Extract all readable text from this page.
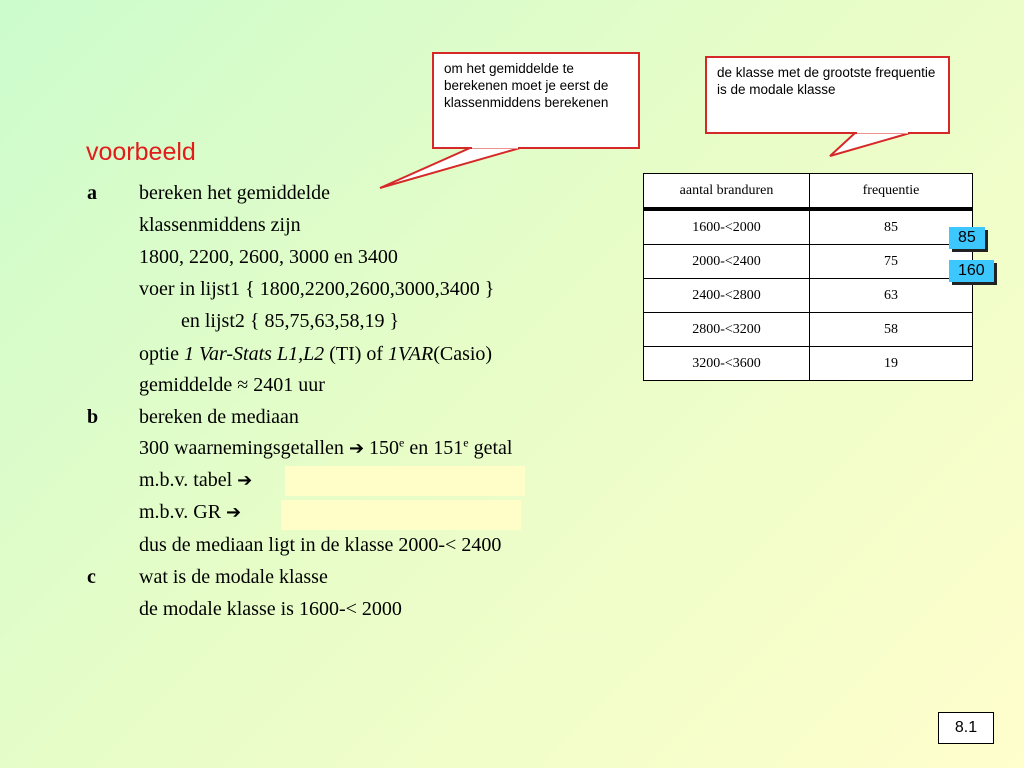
voorbeeld
om het gemiddelde te berekenen moet je eerst de klassenmiddens berekenen
de klasse met de grootste frequentie is de modale klasse
a bereken het gemiddelde
klassenmiddens zijn
1800, 2200, 2600, 3000 en 3400
voer in lijst1 { 1800,2200,2600,3000,3400 }
en lijst2 { 85,75,63,58,19 }
optie 1 Var-Stats L1,L2 (TI) of 1VAR(Casio)
gemiddelde ≈ 2401 uur
b bereken de mediaan
300 waarnemingsgetallen ➔ 150e en 151e getal
m.b.v. tabel ➔
m.b.v. GR ➔
dus de mediaan ligt in de klasse 2000-< 2400
c wat is de modale klasse
de modale klasse is 1600-< 2000
aantal branduren	frequentie
1600-<2000	85
2000-<2400	75
2400-<2800	63
2800-<3200	58
3200-<3600	19
85
160
8.1
